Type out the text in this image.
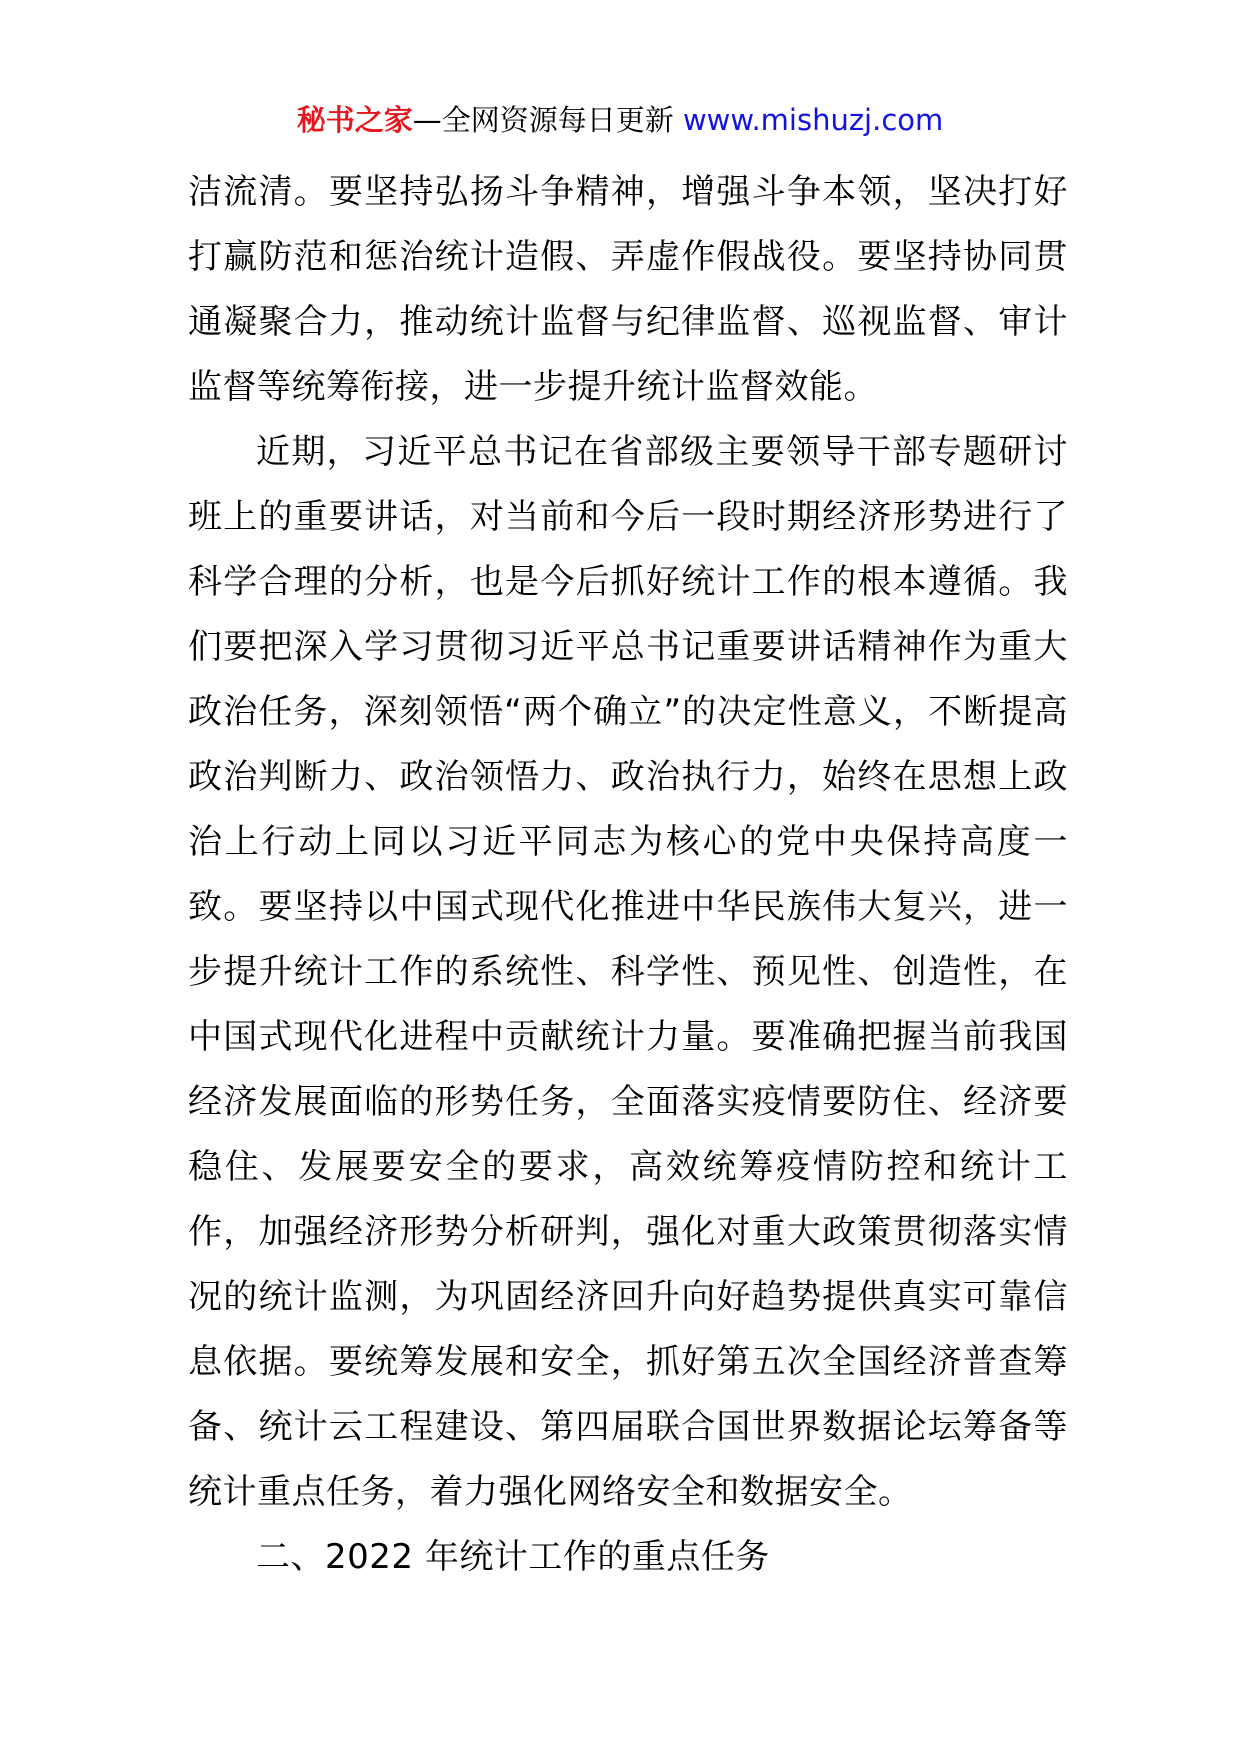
秘书之家—全网资源每日更新 www.mishuzj.com

洁流清。要坚持弘扬斗争精神，增强斗争本领，坚决打好打赢防范和惩治统计造假、弄虚作假战役。要坚持协同贯通凝聚合力，推动统计监督与纪律监督、巡视监督、审计监督等统筹衔接，进一步提升统计监督效能。

近期，习近平总书记在省部级主要领导干部专题研讨班上的重要讲话，对当前和今后一段时期经济形势进行了科学合理的分析，也是今后抓好统计工作的根本遵循。我们要把深入学习贯彻习近平总书记重要讲话精神作为重大政治任务，深刻领悟“两个确立”的决定性意义，不断提高政治判断力、政治领悟力、政治执行力，始终在思想上政治上行动上同以习近平同志为核心的党中央保持高度一致。要坚持以中国式现代化推进中华民族伟大复兴，进一步提升统计工作的系统性、科学性、预见性、创造性，在中国式现代化进程中贡献统计力量。要准确把握当前我国经济发展面临的形势任务，全面落实疫情要防住、经济要稳住、发展要安全的要求，高效统筹疫情防控和统计工作，加强经济形势分析研判，强化对重大政策贯彻落实情况的统计监测，为巩固经济回升向好趋势提供真实可靠信息依据。要统筹发展和安全，抓好第五次全国经济普查筹备、统计云工程建设、第四届联合国世界数据论坛筹备等统计重点任务，着力强化网络安全和数据安全。

二、2022 年统计工作的重点任务
